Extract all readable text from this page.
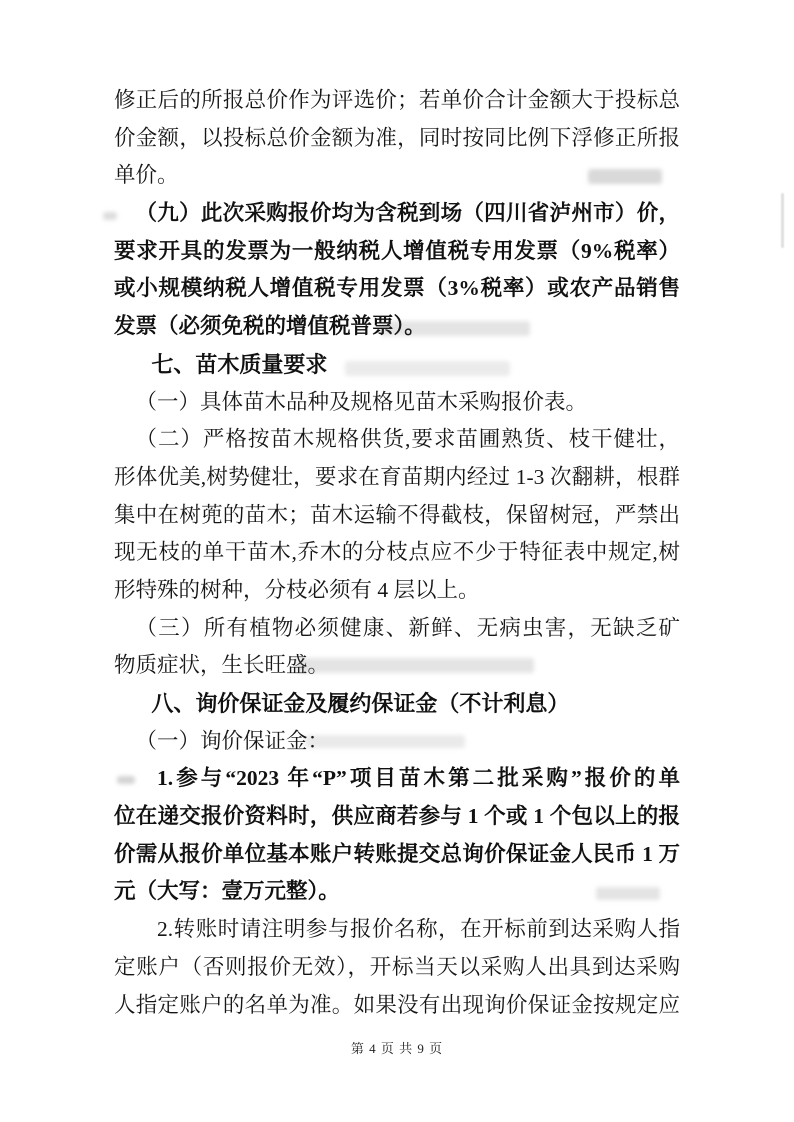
修正后的所报总价作为评选价；若单价合计金额大于投标总
价金额，以投标总价金额为准，同时按同比例下浮修正所报
单价。
（九）此次采购报价均为含税到场（四川省泸州市）价，
要求开具的发票为一般纳税人增值税专用发票（9%税率）
或小规模纳税人增值税专用发票（3%税率）或农产品销售
发票（必须免税的增值税普票）。
七、苗木质量要求
（一）具体苗木品种及规格见苗木采购报价表。
（二）严格按苗木规格供货,要求苗圃熟货、枝干健壮，
形体优美,树势健壮，要求在育苗期内经过 1-3 次翻耕，根群
集中在树蔸的苗木；苗木运输不得截枝，保留树冠，严禁出
现无枝的单干苗木,乔木的分枝点应不少于特征表中规定,树
形特殊的树种，分枝必须有 4 层以上。
（三）所有植物必须健康、新鲜、无病虫害，无缺乏矿
物质症状，生长旺盛。
八、询价保证金及履约保证金（不计利息）
（一）询价保证金：
1.参与“2023 年“P”项目苗木第二批采购”报价的单
位在递交报价资料时，供应商若参与 1 个或 1 个包以上的报
价需从报价单位基本账户转账提交总询价保证金人民币 1 万
元（大写：壹万元整）。
2.转账时请注明参与报价名称，在开标前到达采购人指
定账户（否则报价无效），开标当天以采购人出具到达采购
人指定账户的名单为准。如果没有出现询价保证金按规定应
第 4 页 共 9 页
